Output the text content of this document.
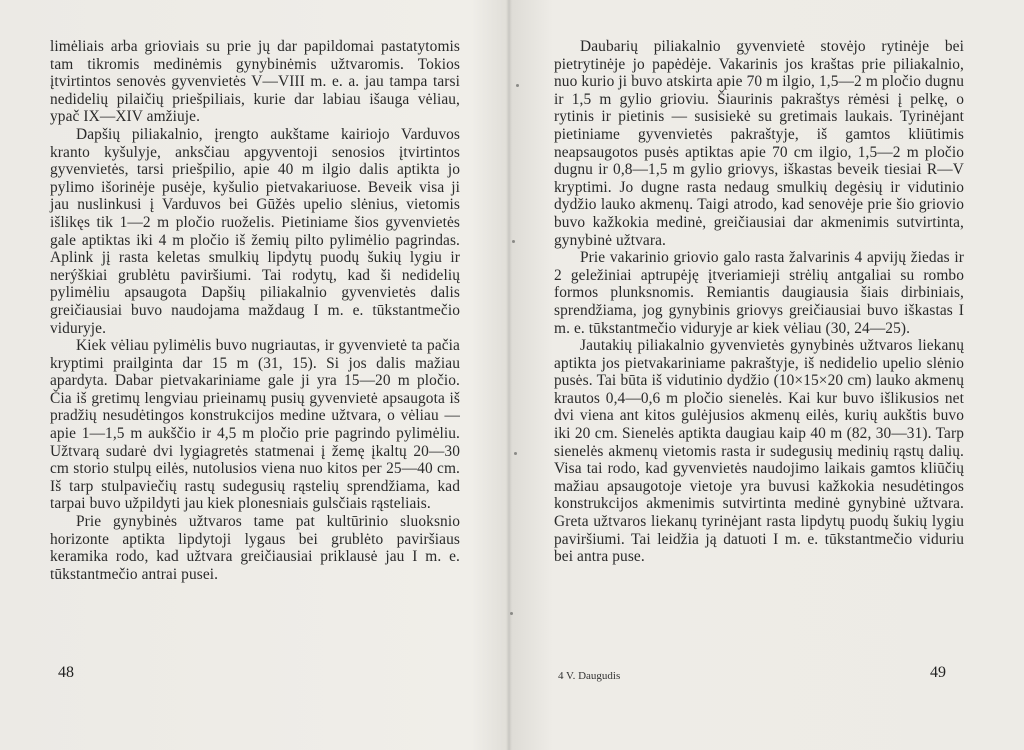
limėliais arba grioviais su prie jų dar papildomai pastatytomis tam tikromis medinėmis gynybinėmis užtvaromis. Tokios įtvirtintos senovės gyvenvietės V—VIII m. e. a. jau tampa tarsi nedidelių pilaičių priešpiliais, kurie dar labiau išauga vėliau, ypač IX—XIV amžiuje.

Dapšių piliakalnio, įrengto aukštame kairiojo Varduvos kranto kyšulyje, anksčiau apgyventoji senosios įtvirtintos gyvenvietės, tarsi priešpilio, apie 40 m ilgio dalis aptikta jo pylimo išorinėje pusėje, kyšulio pietvakariuose. Beveik visa ji jau nuslinkusi į Varduvos bei Gūžės upelio slėnius, vietomis išlikęs tik 1—2 m pločio ruoželis. Pietiniame šios gyvenvietės gale aptiktas iki 4 m pločio iš žemių pilto pylimėlio pagrindas. Aplink jį rasta keletas smulkių lipdytų puodų šukių lygiu ir nerýškiai grublėtu paviršiumi. Tai rodytų, kad ši nedidelių pylimėliu apsaugota Dapšių piliakalnio gyvenvietės dalis greičiausiai buvo naudojama maždaug I m. e. tūkstantmečio viduryje.

Kiek vėliau pylimėlis buvo nugriautas, ir gyvenvietė ta pačia kryptimi prailginta dar 15 m (31, 15). Si jos dalis mažiau apardyta. Dabar pietvakariniame gale ji yra 15—20 m pločio. Čia iš gretimų lengviau prieinamų pusių gyvenvietė apsaugota iš pradžių nesudėtingos konstrukcijos medine užtvara, o vėliau — apie 1—1,5 m aukščio ir 4,5 m pločio prie pagrindo pylimėliu. Užtvarą sudarė dvi lygiagretės statmenai į žemę įkaltų 20—30 cm storio stulpų eilės, nutolusios viena nuo kitos per 25—40 cm. Iš tarp stulpaviečių rastų sudegusių rąstelių sprendžiama, kad tarpai buvo užpildyti jau kiek plonesniais gulsčiais rąsteliais.

Prie gynybinės užtvaros tame pat kultūrinio sluoksnio horizonte aptikta lipdytoji lygaus bei grublėto paviršiaus keramika rodo, kad užtvara greičiausiai priklausė jau I m. e. tūkstantmečio antrai pusei.

48

Daubarių piliakalnio gyvenvietė stovėjo rytinėje bei pietrytinėje jo papėdėje. Vakarinis jos kraštas prie piliakalnio, nuo kurio ji buvo atskirta apie 70 m ilgio, 1,5—2 m pločio dugnu ir 1,5 m gylio grioviu. Šiaurinis pakraštys rėmėsi į pelkę, o rytinis ir pietinis — susisiekė su gretimais laukais. Tyrinėjant pietiniame gyvenvietės pakraštyje, iš gamtos kliūtimis neapsaugotos pusės aptiktas apie 70 cm ilgio, 1,5—2 m pločio dugnu ir 0,8—1,5 m gylio griovys, iškastas beveik tiesiai R—V kryptimi. Jo dugne rasta nedaug smulkių degėsių ir vidutinio dydžio lauko akmenų. Taigi atrodo, kad senovėje prie šio griovio buvo kažkokia medinė, greičiausiai dar akmenimis sutvirtinta, gynybinė užtvara.

Prie vakarinio griovio galo rasta žalvarinis 4 apvijų žiedas ir 2 geležiniai aptrupėję įtveriamieji strėlių antgaliai su rombo formos plunksnomis. Remiantis daugiausia šiais dirbiniais, sprendžiama, jog gynybinis griovys greičiausiai buvo iškastas I m. e. tūkstantmečio viduryje ar kiek vėliau (30, 24—25).

Jautakių piliakalnio gyvenvietės gynybinės užtvaros liekanų aptikta jos pietvakariniame pakraštyje, iš nedidelio upelio slėnio pusės. Tai būta iš vidutinio dydžio (10×15×20 cm) lauko akmenų krautos 0,4—0,6 m pločio sienelės. Kai kur buvo išlikusios net dvi viena ant kitos gulėjusios akmenų eilės, kurių aukštis buvo iki 20 cm. Sienelės aptikta daugiau kaip 40 m (82, 30—31). Tarp sienelės akmenų vietomis rasta ir sudegusių medinių rąstų dalių. Visa tai rodo, kad gyvenvietės naudojimo laikais gamtos kliūčių mažiau apsaugotoje vietoje yra buvusi kažkokia nesudėtingos konstrukcijos akmenimis sutvirtinta medinė gynybinė užtvara. Greta užtvaros liekanų tyrinėjant rasta lipdytų puodų šukių lygiu paviršiumi. Tai leidžia ją datuoti I m. e. tūkstantmečio viduriu bei antra puse.

4 V. Daugudis	49
